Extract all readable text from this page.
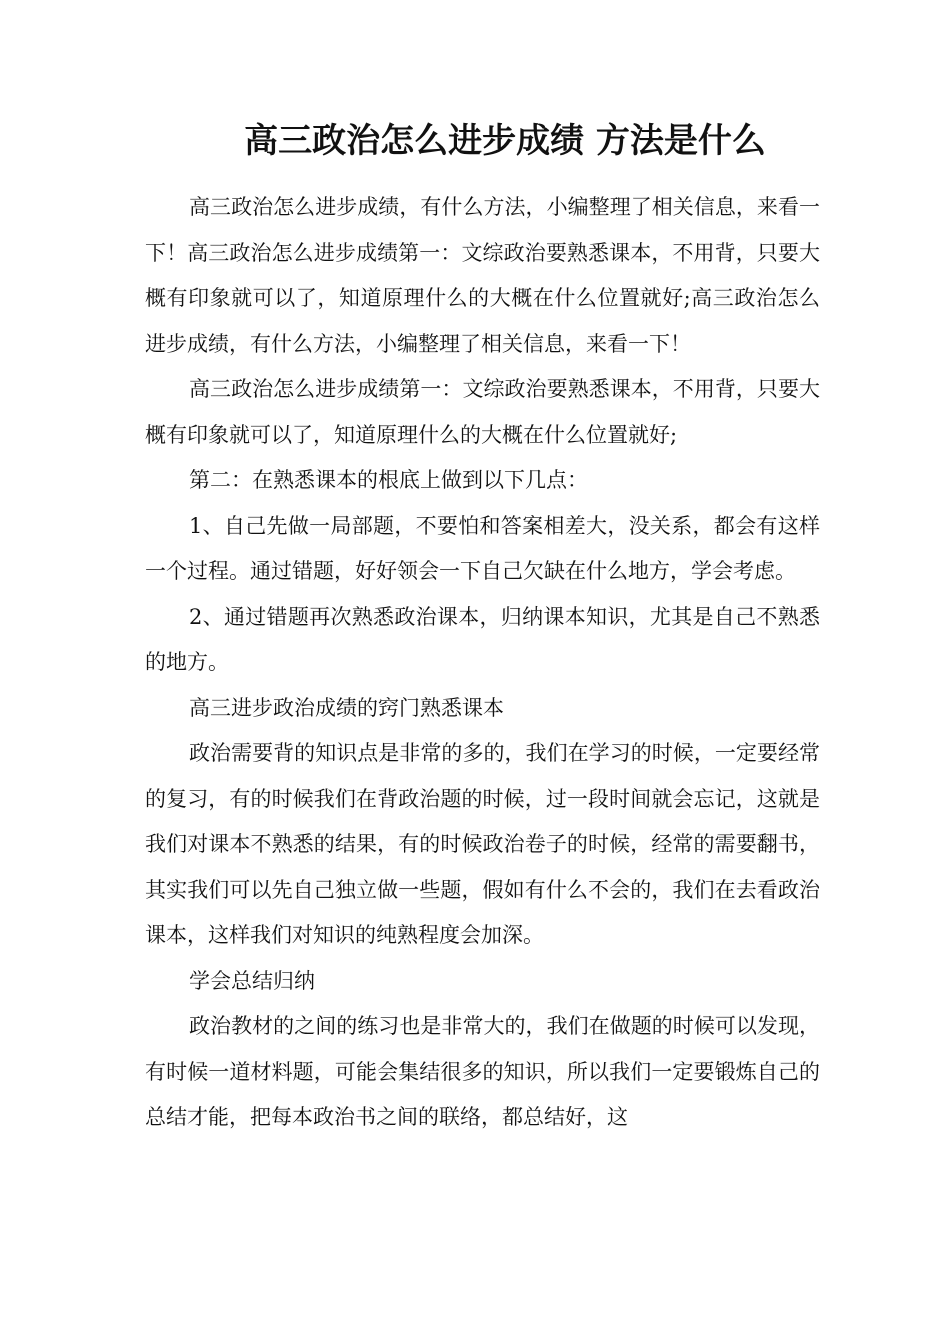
高三政治怎么进步成绩 方法是什么

高三政治怎么进步成绩，有什么方法，小编整理了相关信息，来看一下！高三政治怎么进步成绩第一：文综政治要熟悉课本，不用背，只要大概有印象就可以了，知道原理什么的大概在什么位置就好;高三政治怎么进步成绩，有什么方法，小编整理了相关信息，来看一下！

高三政治怎么进步成绩第一：文综政治要熟悉课本，不用背，只要大概有印象就可以了，知道原理什么的大概在什么位置就好;

第二：在熟悉课本的根底上做到以下几点：

1、自己先做一局部题，不要怕和答案相差大，没关系，都会有这样一个过程。通过错题，好好领会一下自己欠缺在什么地方，学会考虑。

2、通过错题再次熟悉政治课本，归纳课本知识，尤其是自己不熟悉的地方。

高三进步政治成绩的窍门熟悉课本

政治需要背的知识点是非常的多的，我们在学习的时候，一定要经常的复习，有的时候我们在背政治题的时候，过一段时间就会忘记，这就是我们对课本不熟悉的结果，有的时候政治卷子的时候，经常的需要翻书，其实我们可以先自己独立做一些题，假如有什么不会的，我们在去看政治课本，这样我们对知识的纯熟程度会加深。

学会总结归纳

政治教材的之间的练习也是非常大的，我们在做题的时候可以发现，有时候一道材料题，可能会集结很多的知识，所以我们一定要锻炼自己的总结才能，把每本政治书之间的联络，都总结好，这
